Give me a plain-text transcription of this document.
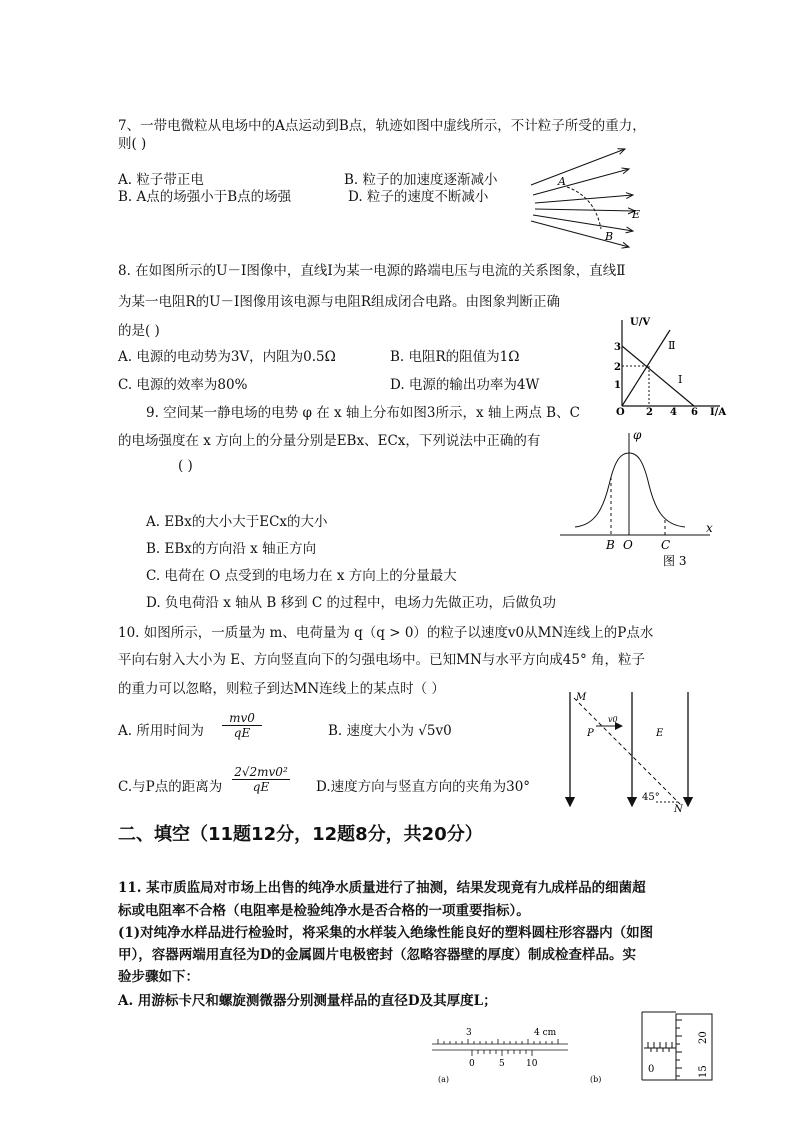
7、一带电微粒从电场中的A点运动到B点，轨迹如图中虚线所示，不计粒子所受的重力，
则( )
A. 粒子带正电	B. 粒子的加速度逐渐减小
B. A点的场强小于B点的场强	D. 粒子的速度不断减小
A
B
E
8. 在如图所示的U－I图像中，直线Ⅰ为某一电源的路端电压与电流的关系图象，直线Ⅱ
为某一电阻R的U－I图像用该电源与电阻R组成闭合电路。由图象判断正确
的是( )
A. 电源的电动势为3V，内阻为0.5Ω	B. 电阻R的阻值为1Ω
C. 电源的效率为80%	D. 电源的输出功率为4W
U/V
I/A
3
2
1
O 2 4 6
Ⅱ
Ⅰ
9. 空间某一静电场的电势 φ 在 x 轴上分布如图3所示，x 轴上两点 B、C
的电场强度在 x 方向上的分量分别是EBx、ECx，下列说法中正确的有
( )
A. EBx的大小大于ECx的大小
B. EBx的方向沿 x 轴正方向
C. 电荷在 O 点受到的电场力在 x 方向上的分量最大
D. 负电荷沿 x 轴从 B 移到 C 的过程中，电场力先做正功，后做负功
φ
x
B O C
图 3
10. 如图所示，一质量为 m、电荷量为 q（q > 0）的粒子以速度v0从MN连线上的P点水
平向右射入大小为 E、方向竖直向下的匀强电场中。已知MN与水平方向成45° 角，粒子
的重力可以忽略，则粒子到达MN连线上的某点时（ ）
A. 所用时间为 $\frac{mv0}{qE}$	B. 速度大小为 √5v0
C.与P点的距离为 $\frac{\text{2√2mv0²}}{qE} D$.速度方向与竖直方向的夹角为30°
M
P
v0
E
45°
N
二、填空（11题12分，12题8分，共20分）
11. 某市质监局对市场上出售的纯净水质量进行了抽测，结果发现竟有九成样品的细菌超
标或电阻率不合格（电阻率是检验纯净水是否合格的一项重要指标）。
(1)对纯净水样品进行检验时，将采集的水样装入绝缘性能良好的塑料圆柱形容器内（如图
甲），容器两端用直径为D的金属圆片电极密封（忽略容器壁的厚度）制成检查样品。实
验步骤如下：
A. 用游标卡尺和螺旋测微器分别测量样品的直径D及其厚度L；
3	4 cm
0	5 10
(a)
0
20
15
(b)
